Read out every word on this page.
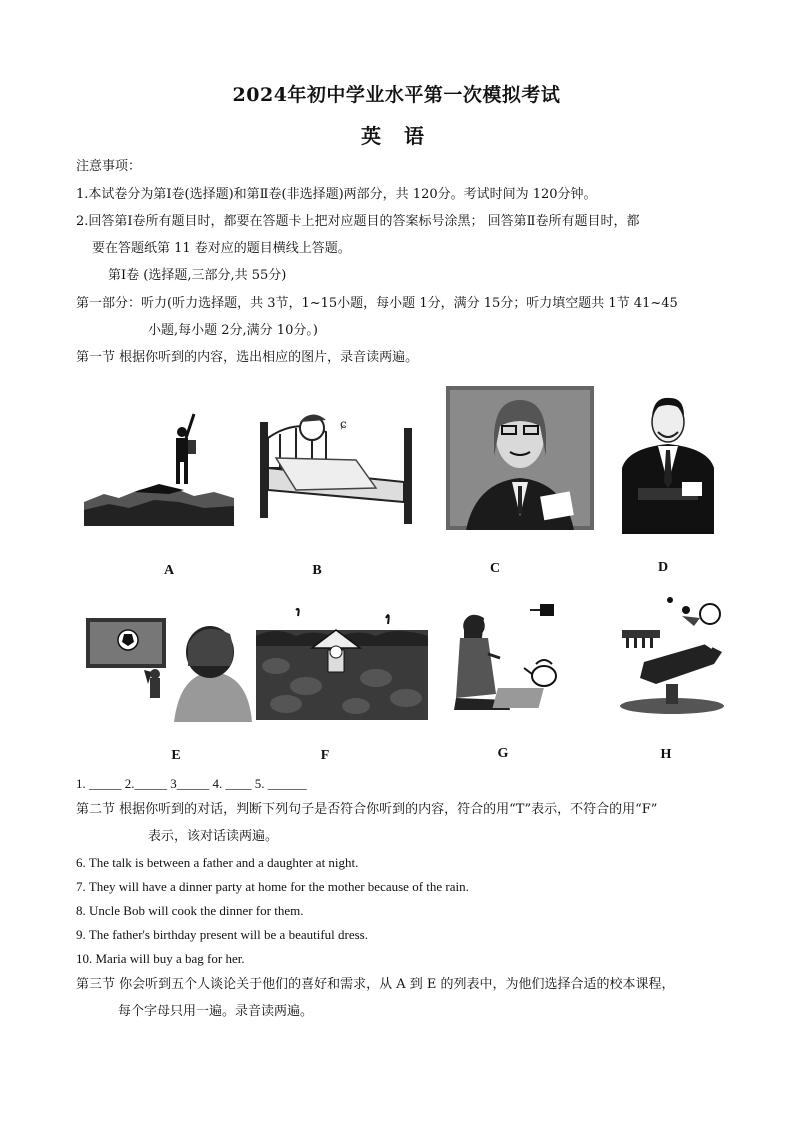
2024年初中学业水平第一次模拟考试
英 语
注意事项：
1.本试卷分为第Ⅰ卷(选择题)和第Ⅱ卷(非选择题)两部分，共 120分。考试时间为 120分钟。
2.回答第Ⅰ卷所有题目时，都要在答题卡上把对应题目的答案标号涂黑； 回答第Ⅱ卷所有题目时，都
要在答题纸第 11 卷对应的题目横线上答题。
第Ⅰ卷 (选择题,三部分,共 55分)
第一部分：听力(听力选择题，共 3节，1~15小题，每小题 1分，满分 15分；听力填空题共 1节 41~45
小题,每小题 2分,满分 10分。)
第一节 根据你听到的内容，选出相应的图片，录音读两遍。
A
ɕ
B	C	D
E	F	G	H
1. _____ 2._____ 3_____ 4. ____ 5. ______
第二节 根据你听到的对话，判断下列句子是否符合你听到的内容，符合的用“T”表示，不符合的用“F”
表示，该对话读两遍。
6. The talk is between a father and a daughter at night.
7. They will have a dinner party at home for the mother because of the rain.
8. Uncle Bob will cook the dinner for them.
9. The father's birthday present will be a beautiful dress.
10. Maria will buy a bag for her.
第三节 你会听到五个人谈论关于他们的喜好和需求，从 A 到 E 的列表中，为他们选择合适的校本课程，
每个字母只用一遍。录音读两遍。
